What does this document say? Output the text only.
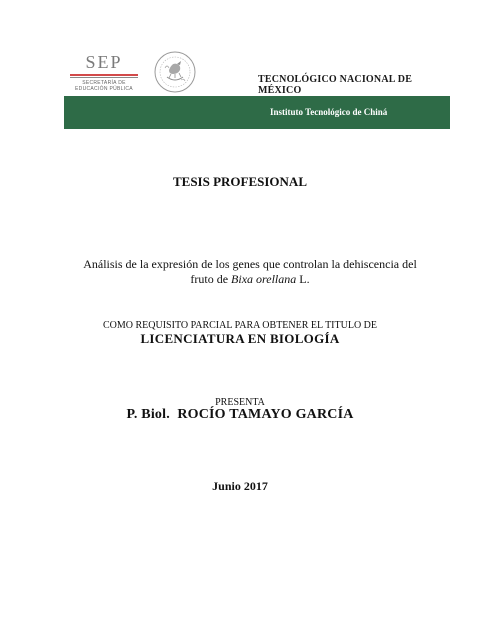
SEP
SECRETARÍA DE
EDUCACIÓN PÚBLICA
TECNOLÓGICO NACIONAL DE MÉXICO
Instituto Tecnológico de Chiná
TESIS PROFESIONAL
Análisis de la expresión de los genes que controlan la dehiscencia del fruto de Bixa orellana L.
COMO REQUISITO PARCIAL PARA OBTENER EL TITULO DE
LICENCIATURA EN BIOLOGÍA
PRESENTA
P. Biol.  ROCÍO TAMAYO GARCÍA
Junio 2017
